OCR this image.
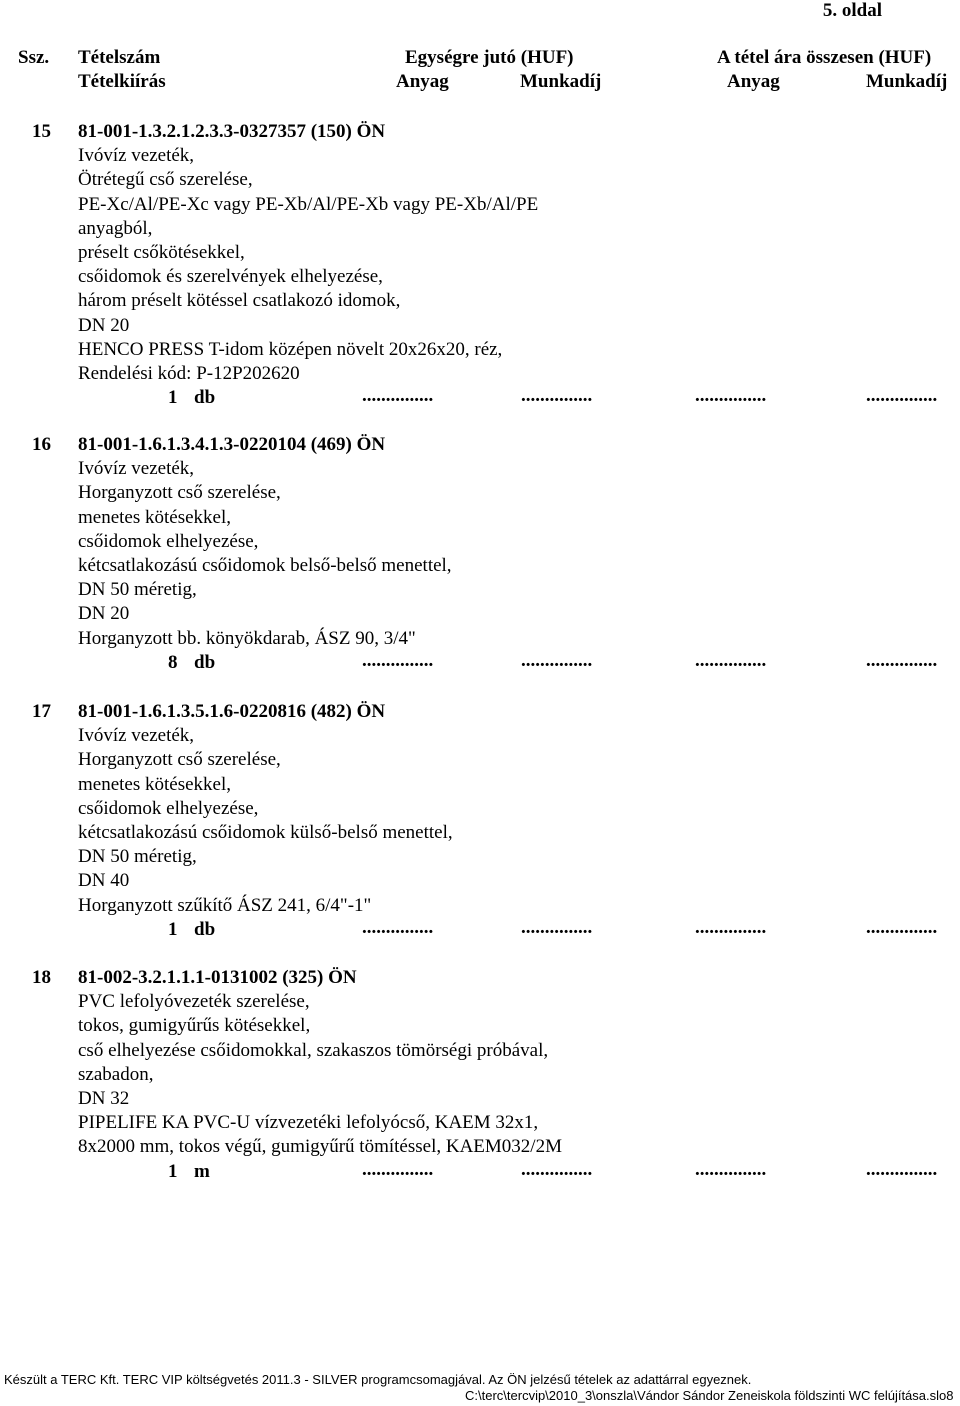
5. oldal
Ssz. Tételszám	Egységre jutó (HUF)	A tétel ára összesen (HUF)
Tételkiírás	Anyag	Munkadíj	Anyag	Munkadíj
15 81-001-1.3.2.1.2.3.3-0327357 (150) ÖN
Ivóvíz vezeték,
Ötrétegű cső szerelése,
PE-Xc/Al/PE-Xc vagy PE-Xb/Al/PE-Xb vagy PE-Xb/Al/PE
anyagból,
préselt csőkötésekkel,
csőidomok és szerelvények elhelyezése,
három préselt kötéssel csatlakozó idomok,
DN 20
HENCO PRESS T-idom középen növelt 20x26x20, réz,
Rendelési kód: P-12P202620
1 db	...............	...............	...............	...............
16 81-001-1.6.1.3.4.1.3-0220104 (469) ÖN
Ivóvíz vezeték,
Horganyzott cső szerelése,
menetes kötésekkel,
csőidomok elhelyezése,
kétcsatlakozású csőidomok belső-belső menettel,
DN 50 méretig,
DN 20
Horganyzott bb. könyökdarab, ÁSZ 90, 3/4"
8 db	...............	...............	...............	...............
17 81-001-1.6.1.3.5.1.6-0220816 (482) ÖN
Ivóvíz vezeték,
Horganyzott cső szerelése,
menetes kötésekkel,
csőidomok elhelyezése,
kétcsatlakozású csőidomok külső-belső menettel,
DN 50 méretig,
DN 40
Horganyzott szűkítő ÁSZ 241, 6/4"-1"
1 db	...............	...............	...............	...............
18 81-002-3.2.1.1.1-0131002 (325) ÖN
PVC lefolyóvezeték szerelése,
tokos, gumigyűrűs kötésekkel,
cső elhelyezése csőidomokkal, szakaszos tömörségi próbával,
szabadon,
DN 32
PIPELIFE KA PVC-U vízvezetéki lefolyócső, KAEM 32x1,
8x2000 mm, tokos végű, gumigyűrű tömítéssel, KAEM032/2M
1 m	...............	...............	...............	...............
Készült a TERC Kft. TERC VIP költségvetés 2011.3 - SILVER programcsomagjával. Az ÖN jelzésű tételek az adattárral egyeznek.
C:\terc\tercvip\2010_3\onszla\Vándor Sándor Zeneiskola földszinti WC felújítása.slo8
